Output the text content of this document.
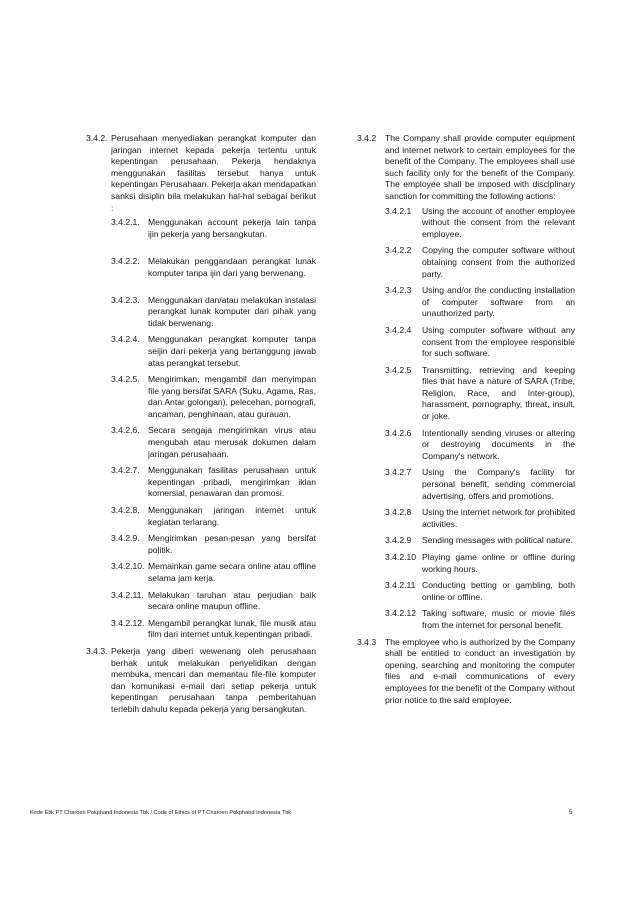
3.4.2. Perusahaan menyediakan perangkat komputer dan jaringan internet kepada pekerja tertentu untuk kepentingan perusahaan. Pekerja hendaknya menggunakan fasilitas tersebut hanya untuk kepentingan Perusahaan. Pekerja akan mendapatkan sanksi disiplin bila melakukan hal-hal sebagai berikut :
3.4.2.1. Menggunakan account pekerja lain tanpa ijin pekerja yang bersangkutan.
3.4.2.2. Melakukan penggandaan perangkat lunak komputer tanpa ijin dari yang berwenang.
3.4.2.3. Menggunakan dan/atau melakukan instalasi perangkat lunak komputer dari pihak yang tidak berwenang.
3.4.2.4. Menggunakan perangkat komputer tanpa seijin dari pekerja yang bertanggung jawab atas perangkat tersebut.
3.4.2.5. Mengirimkan, mengambil dan menyimpan file yang bersifat SARA (Suku, Agama, Ras, dan Antar golongan), pelecehan, pornografi, ancaman, penghinaan, atau gurauan.
3.4.2.6. Secara sengaja mengirimkan virus atau mengubah atau merusak dokumen dalam jaringan perusahaan.
3.4.2.7. Menggunakan fasilitas perusahaan untuk kepentingan pribadi, mengirimkan iklan komersial, penawaran dan promosi.
3.4.2.8. Menggunakan jaringan internet untuk kegiatan terlarang.
3.4.2.9. Mengirimkan pesan-pesan yang bersifat politik.
3.4.2.10. Memainkan game secara online atau offline selama jam kerja.
3.4.2.11. Melakukan taruhan atau perjudian baik secara online maupun offline.
3.4.2.12. Mengambil perangkat lunak, file musik atau film dari internet untuk kepentingan pribadi.
3.4.3. Pekerja yang diberi wewenang oleh perusahaan berhak untuk melakukan penyelidikan dengan membuka, mencari dan memantau file-file komputer dan komunikasi e-mail dari setiap pekerja untuk kepentingan perusahaan tanpa pemberitahuan terlebih dahulu kepada pekerja yang bersangkutan.
3.4.2 The Company shall provide computer equipment and internet network to certain employees for the benefit of the Company. The employees shall use such facility only for the benefit of the Company. The employee shall be imposed with disciplinary sanction for committing the following actions:
3.4.2.1 Using the account of another employee without the consent from the relevant employee.
3.4.2.2 Copying the computer software without obtaining consent from the authorized party.
3.4.2.3 Using and/or the conducting installation of computer software from an unauthorized party.
3.4.2.4 Using computer software without any consent from the employee responsible for such software.
3.4.2.5 Transmitting, retrieving and keeping files that have a nature of SARA (Tribe, Religion, Race, and Inter-group), harassment, pornography, threat, insult, or joke.
3.4.2.6 Intentionally sending viruses or altering or destroying documents in the Company's network.
3.4.2.7 Using the Company's facility for personal benefit, sending commercial advertising, offers and promotions.
3.4.2.8 Using the internet network for prohibited activities.
3.4.2.9 Sending messages with political nature.
3.4.2.10 Playing game online or offline during working hours.
3.4.2.11 Conducting betting or gambling, both online or offline.
3.4.2.12 Taking software, music or movie files from the internet for personal benefit.
3.4.3 The employee who is authorized by the Company shall be entitled to conduct an investigation by opening, searching and monitoring the computer files and e-mail communications of every employees for the benefit of the Company without prior notice to the said employee.
Kode Etik PT Charoen Pokphand Indonesia Tbk / Code of Ethics of PT Charoen Pokphand Indonesia Tbk	5
